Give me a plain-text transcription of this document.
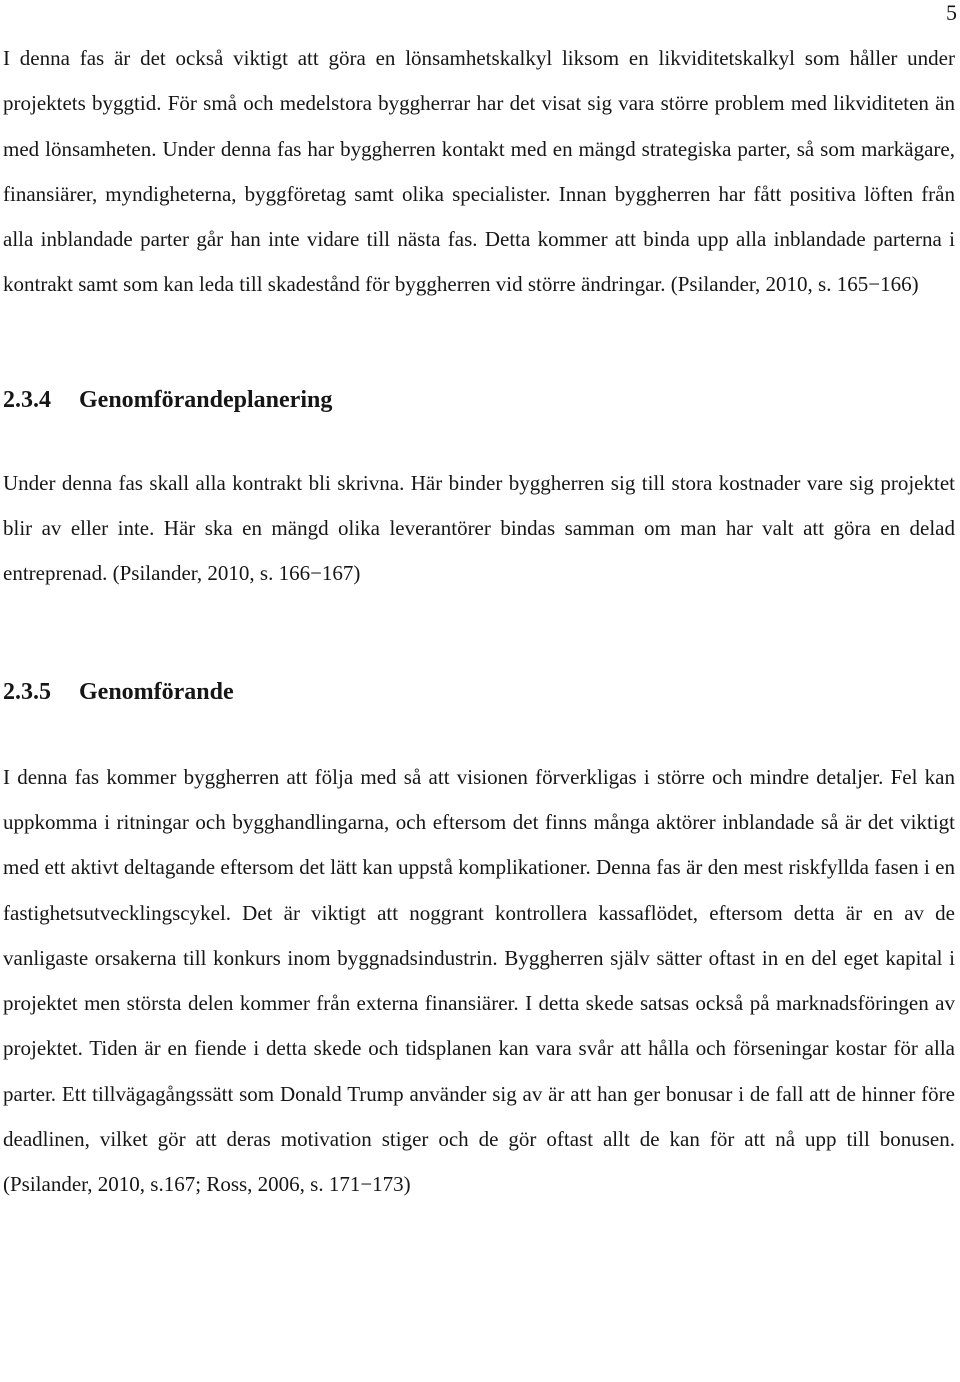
5

I denna fas är det också viktigt att göra en lönsamhetskalkyl liksom en likviditetskalkyl som håller under projektets byggtid. För små och medelstora byggherrar har det visat sig vara större problem med likviditeten än med lönsamheten. Under denna fas har byggherren kontakt med en mängd strategiska parter, så som markägare, finansiärer, myndigheterna, byggföretag samt olika specialister. Innan byggherren har fått positiva löften från alla inblandade parter går han inte vidare till nästa fas. Detta kommer att binda upp alla inblandade parterna i kontrakt samt som kan leda till skadestånd för byggherren vid större ändringar. (Psilander, 2010, s. 165−166)

2.3.4 Genomförandeplanering

Under denna fas skall alla kontrakt bli skrivna. Här binder byggherren sig till stora kostnader vare sig projektet blir av eller inte. Här ska en mängd olika leverantörer bindas samman om man har valt att göra en delad entreprenad. (Psilander, 2010, s. 166−167)

2.3.5 Genomförande

I denna fas kommer byggherren att följa med så att visionen förverkligas i större och mindre detaljer. Fel kan uppkomma i ritningar och bygghandlingarna, och eftersom det finns många aktörer inblandade så är det viktigt med ett aktivt deltagande eftersom det lätt kan uppstå komplikationer. Denna fas är den mest riskfyllda fasen i en fastighetsutvecklingscykel. Det är viktigt att noggrant kontrollera kassaflödet, eftersom detta är en av de vanligaste orsakerna till konkurs inom byggnadsindustrin. Byggherren själv sätter oftast in en del eget kapital i projektet men största delen kommer från externa finansiärer. I detta skede satsas också på marknadsföringen av projektet. Tiden är en fiende i detta skede och tidsplanen kan vara svår att hålla och förseningar kostar för alla parter. Ett tillvägagångssätt som Donald Trump använder sig av är att han ger bonusar i de fall att de hinner före deadlinen, vilket gör att deras motivation stiger och de gör oftast allt de kan för att nå upp till bonusen. (Psilander, 2010, s.167; Ross, 2006, s. 171−173)
